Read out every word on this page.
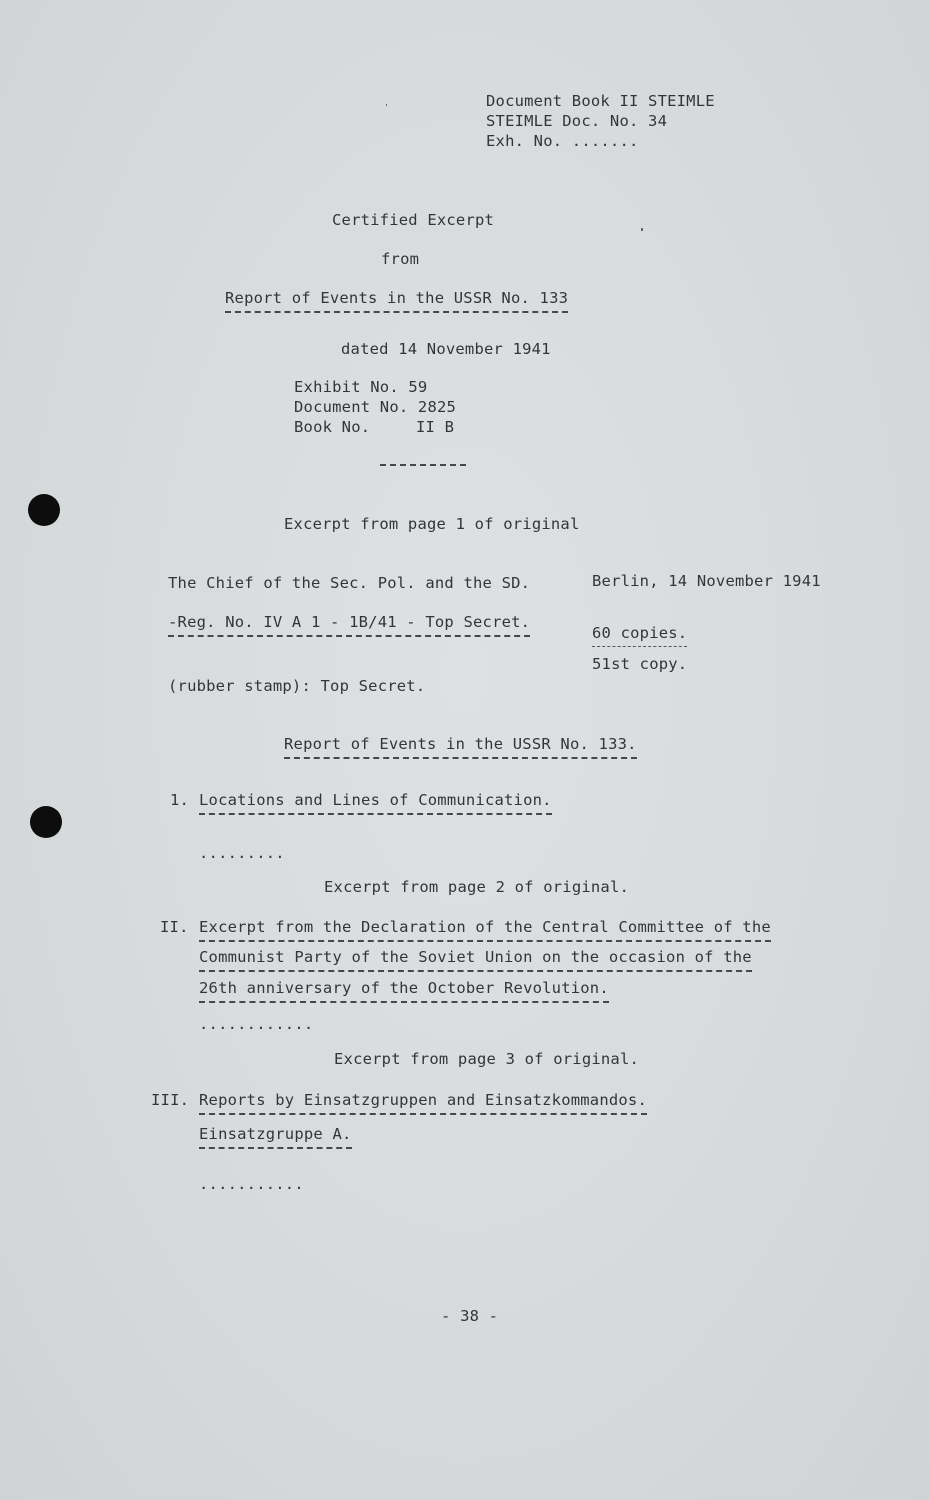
Document Book II STEIMLE
STEIMLE Doc. No. 34
Exh. No. .......
Certified Excerpt
from
Report of Events in the USSR No. 133
dated 14 November 1941
Exhibit No. 59
Document No. 2825
Book No.	II B
Excerpt from page 1 of original
The Chief of the Sec. Pol. and the SD.	Berlin, 14 November 1941
-Reg. No. IV A 1 - 1B/41 - Top Secret.
60 copies.
51st copy.
(rubber stamp): Top Secret.
Report of Events in the USSR No. 133.
1. Locations and Lines of Communication.
.........
Excerpt from page 2 of original.
II. Excerpt from the Declaration of the Central Committee of the
Communist Party of the Soviet Union on the occasion of the
26th anniversary of the October Revolution.
............
Excerpt from page 3 of original.
III. Reports by Einsatzgruppen and Einsatzkommandos.
Einsatzgruppe A.
...........
- 38 -
